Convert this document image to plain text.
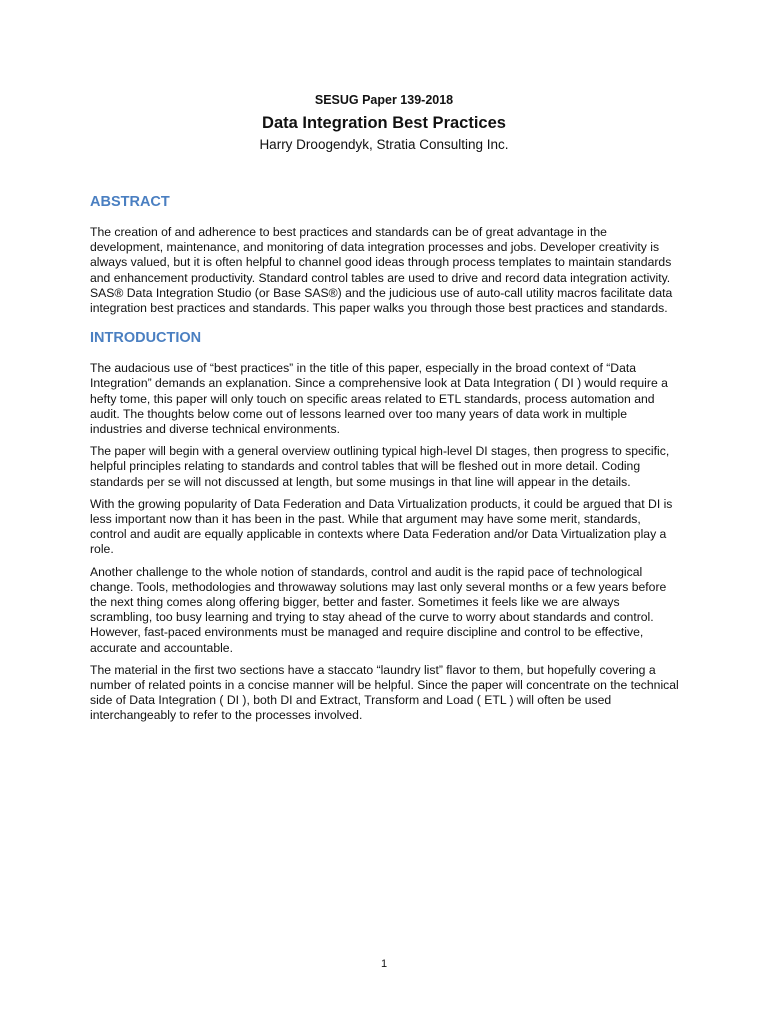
SESUG Paper 139-2018
Data Integration Best Practices
Harry Droogendyk, Stratia Consulting Inc.
ABSTRACT

The creation of and adherence to best practices and standards can be of great advantage in the development, maintenance, and monitoring of data integration processes and jobs. Developer creativity is always valued, but it is often helpful to channel good ideas through process templates to maintain standards and enhancement productivity. Standard control tables are used to drive and record data integration activity. SAS® Data Integration Studio (or Base SAS®) and the judicious use of auto-call utility macros facilitate data integration best practices and standards. This paper walks you through those best practices and standards.

INTRODUCTION

The audacious use of “best practices” in the title of this paper, especially in the broad context of “Data Integration” demands an explanation. Since a comprehensive look at Data Integration ( DI ) would require a hefty tome, this paper will only touch on specific areas related to ETL standards, process automation and audit. The thoughts below come out of lessons learned over too many years of data work in multiple industries and diverse technical environments.

The paper will begin with a general overview outlining typical high-level DI stages, then progress to specific, helpful principles relating to standards and control tables that will be fleshed out in more detail. Coding standards per se will not discussed at length, but some musings in that line will appear in the details.

With the growing popularity of Data Federation and Data Virtualization products, it could be argued that DI is less important now than it has been in the past. While that argument may have some merit, standards, control and audit are equally applicable in contexts where Data Federation and/or Data Virtualization play a role.

Another challenge to the whole notion of standards, control and audit is the rapid pace of technological change. Tools, methodologies and throwaway solutions may last only several months or a few years before the next thing comes along offering bigger, better and faster. Sometimes it feels like we are always scrambling, too busy learning and trying to stay ahead of the curve to worry about standards and control. However, fast-paced environments must be managed and require discipline and control to be effective, accurate and accountable.

The material in the first two sections have a staccato “laundry list” flavor to them, but hopefully covering a number of related points in a concise manner will be helpful. Since the paper will concentrate on the technical side of Data Integration ( DI ), both DI and Extract, Transform and Load ( ETL ) will often be used interchangeably to refer to the processes involved.

1
